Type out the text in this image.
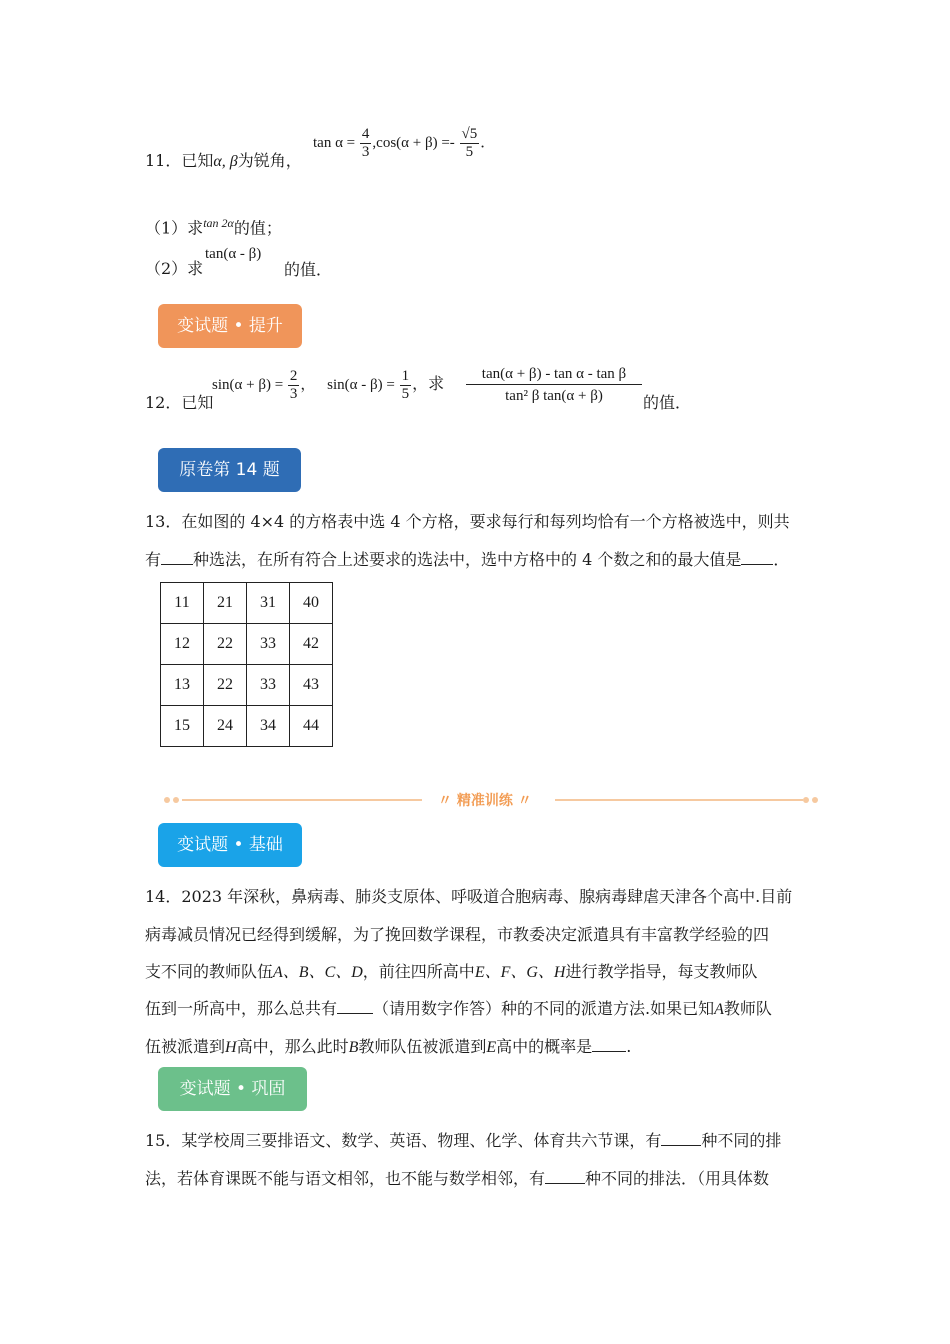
11．已知α, β为锐角，
$\tan \alpha = \frac{4}{3} ,\cos(\alpha + \beta) =- \frac{√5}{5}$ ．
（1）求$^{tan 2\alpha}$的值；
（2）求
tan(α - β)
的值．
变试题 • 提升
12．已知
$\sin(\alpha + \beta) = \frac{2}{3}$ ， $\sin(\alpha - \beta) = \frac{1}{5}$ ，求 $\frac{\text{tan(α + β) - tan α - tan β}}{\text{tan² β tan(α + β)}}$ 的值．
原卷第 14 题
13．在如图的 4×4 的方格表中选 4 个方格，要求每行和每列均恰有一个方格被选中，则共
有 种选法，在所有符合上述要求的选法中，选中方格中的 4 个数之和的最大值是 ．
11	21	31	40
12	22	33	42
13	22	33	43
15	24	34	44
〃 精准训练 〃
变试题 • 基础
14．2023 年深秋，鼻病毒、肺炎支原体、呼吸道合胞病毒、腺病毒肆虐天津各个高中.目前
病毒减员情况已经得到缓解，为了挽回数学课程，市教委决定派遣具有丰富教学经验的四
支不同的教师队伍A、B、C、D，前往四所高中E、F、G、H进行教学指导，每支教师队
伍到一所高中，那么总共有 （请用数字作答）种的不同的派遣方法.如果已知A教师队
伍被派遣到H高中，那么此时B教师队伍被派遣到E高中的概率是 .
变试题 • 巩固
15．某学校周三要排语文、数学、英语、物理、化学、体育共六节课，有	种不同的排
法，若体育课既不能与语文相邻，也不能与数学相邻，有	种不同的排法．（用具体数
